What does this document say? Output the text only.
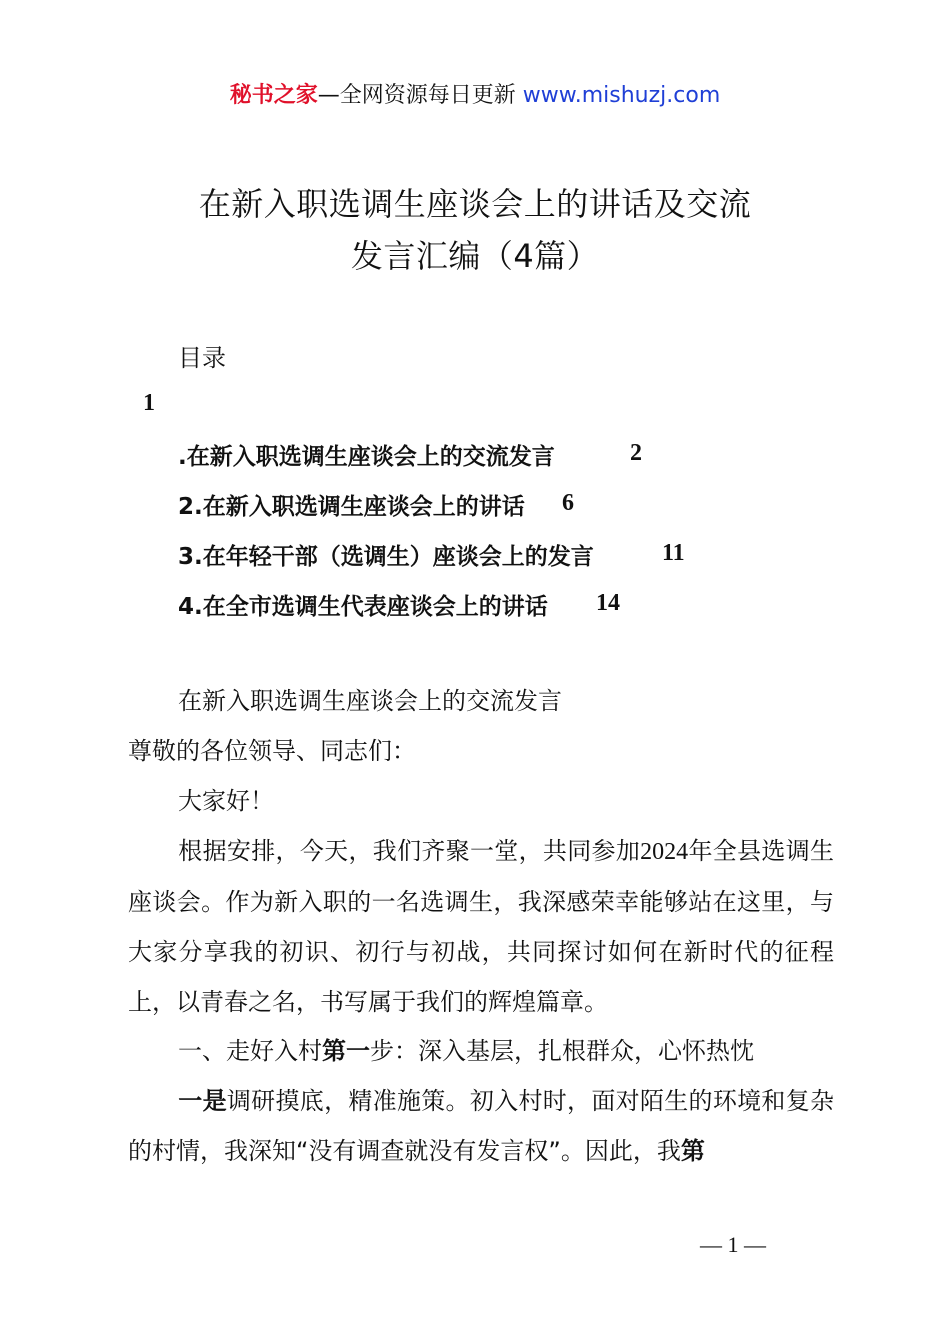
秘书之家—全网资源每日更新 www.mishuzj.com
在新入职选调生座谈会上的讲话及交流
发言汇编（4篇）
目录
1
.在新入职选调生座谈会上的交流发言	2
2.在新入职选调生座谈会上的讲话 6
3.在年轻干部（选调生）座谈会上的发言	11
4.在全市选调生代表座谈会上的讲话 14
在新入职选调生座谈会上的交流发言
尊敬的各位领导、同志们：
大家好！
根据安排，今天，我们齐聚一堂，共同参加2024年全县选调生座谈会。作为新入职的一名选调生，我深感荣幸能够站在这里，与大家分享我的初识、初行与初战，共同探讨如何在新时代的征程上，以青春之名，书写属于我们的辉煌篇章。
一、走好入村第一步：深入基层，扎根群众，心怀热忱
一是调研摸底，精准施策。初入村时，面对陌生的环境和复杂的村情，我深知“没有调查就没有发言权”。因此，我第
— 1 —
